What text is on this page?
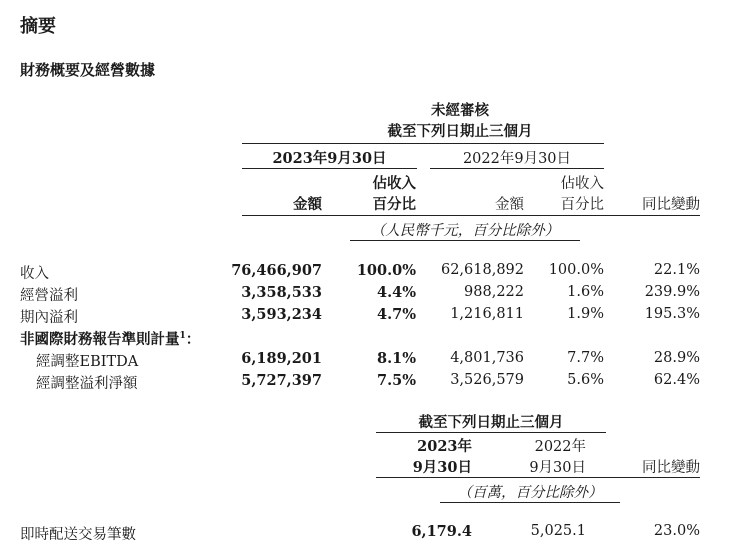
摘要
財務概要及經營數據
未經審核
截至下列日期止三個月
2023年9月30日	2022年9月30日
佔收入	佔收入
金額	百分比	金額	百分比	同比變動
（人民幣千元，百分比除外）
收入	76,466,907	100.0%	62,618,892	100.0%	22.1%
經營溢利	3,358,533	4.4%	988,222	1.6%	239.9%
期內溢利	3,593,234	4.7%	1,216,811	1.9%	195.3%
非國際財務報告準則計量$^1$：
經調整EBITDA	6,189,201	8.1%	4,801,736	7.7%	28.9%
經調整溢利淨額	5,727,397	7.5%	3,526,579	5.6%	62.4%
截至下列日期止三個月
2023年	2022年
9月30日	9月30日	同比變動
（百萬，百分比除外）
即時配送交易筆數	6,179.4	5,025.1	23.0%
